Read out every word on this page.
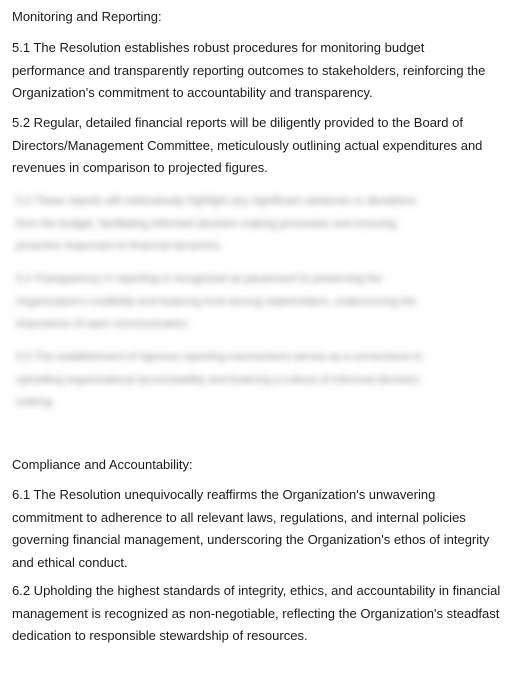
Monitoring and Reporting:

5.1 The Resolution establishes robust procedures for monitoring budget
performance and transparently reporting outcomes to stakeholders, reinforcing the
Organization's commitment to accountability and transparency.

5.2 Regular, detailed financial reports will be diligently provided to the Board of
Directors/Management Committee, meticulously outlining actual expenditures and
revenues in comparison to projected figures.

5.3 These reports will meticulously highlight any significant variances or deviations
from the budget, facilitating informed decision-making processes and ensuring
proactive responses to financial dynamics.

5.4 Transparency in reporting is recognized as paramount to preserving the
Organization's credibility and fostering trust among stakeholders, underscoring the
importance of open communication.

5.5 The establishment of rigorous reporting mechanisms serves as a cornerstone in
upholding organizational accountability and fostering a culture of informed decision-
making.

Compliance and Accountability:

6.1 The Resolution unequivocally reaffirms the Organization's unwavering
commitment to adherence to all relevant laws, regulations, and internal policies
governing financial management, underscoring the Organization's ethos of integrity
and ethical conduct.

6.2 Upholding the highest standards of integrity, ethics, and accountability in financial
management is recognized as non-negotiable, reflecting the Organization's steadfast
dedication to responsible stewardship of resources.
